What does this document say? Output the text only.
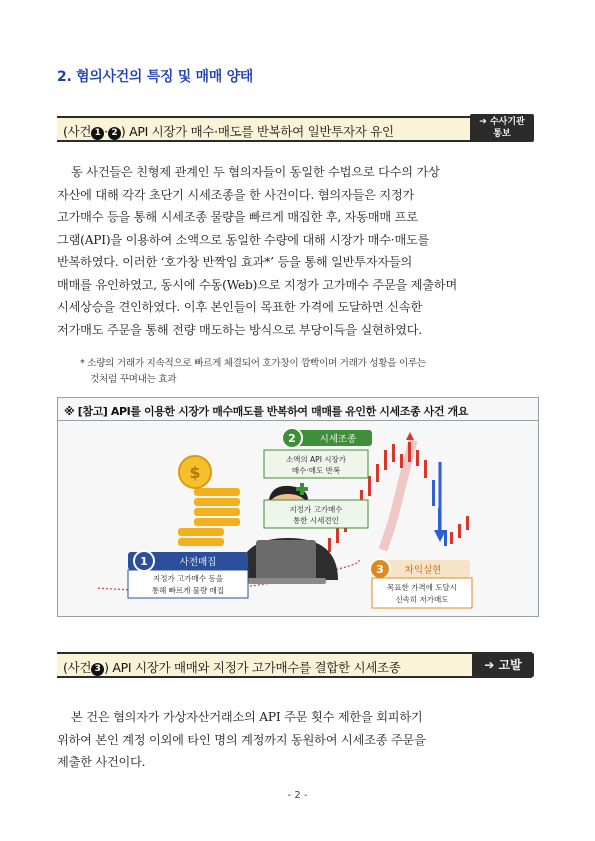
2. 혐의사건의 특징 및 매매 양태
(사건 1 · 2 ) API 시장가 매수·매도를 반복하여 일반투자자 유인
➔ 수사기관
통보
동 사건들은 친형제 관계인 두 혐의자들이 동일한 수법으로 다수의 가상
자산에 대해 각각 초단기 시세조종을 한 사건이다. 혐의자들은 지정가
고가매수 등을 통해 시세조종 물량을 빠르게 매집한 후, 자동매매 프로
그램(API)을 이용하여 소액으로 동일한 수량에 대해 시장가 매수·매도를
반복하였다. 이러한 ‘호가창 반짝임 효과*’ 등을 통해 일반투자자들의
매매를 유인하였고, 동시에 수동(Web)으로 지정가 고가매수 주문을 제출하며
시세상승을 견인하였다. 이후 본인들이 목표한 가격에 도달하면 신속한
저가매도 주문을 통해 전량 매도하는 방식으로 부당이득을 실현하였다.
* 소량의 거래가 지속적으로 빠르게 체결되어 호가창이 깜빡이며 거래가 성황을 이루는
것처럼 꾸며내는 효과
※ [참고] API를 이용한 시장가 매수매도를 반복하여 매매를 유인한 시세조종 사건 개요
$
1	사전매집
지정가 고가매수 등을
통해 빠르게 물량 매집
2	시세조종
소액의 API 시장가
매수·매도 반복
지정가 고가매수
통한 시세견인
3 차익실현
목표한 가격에 도달시
신속히 저가매도
(사건 3 ) API 시장가 매매와 지정가 고가매수를 결합한 시세조종	➔ 고발
본 건은 혐의자가 가상자산거래소의 API 주문 횟수 제한을 회피하기
위하여 본인 계정 이외에 타인 명의 계정까지 동원하여 시세조종 주문을
제출한 사건이다.
- 2 -
